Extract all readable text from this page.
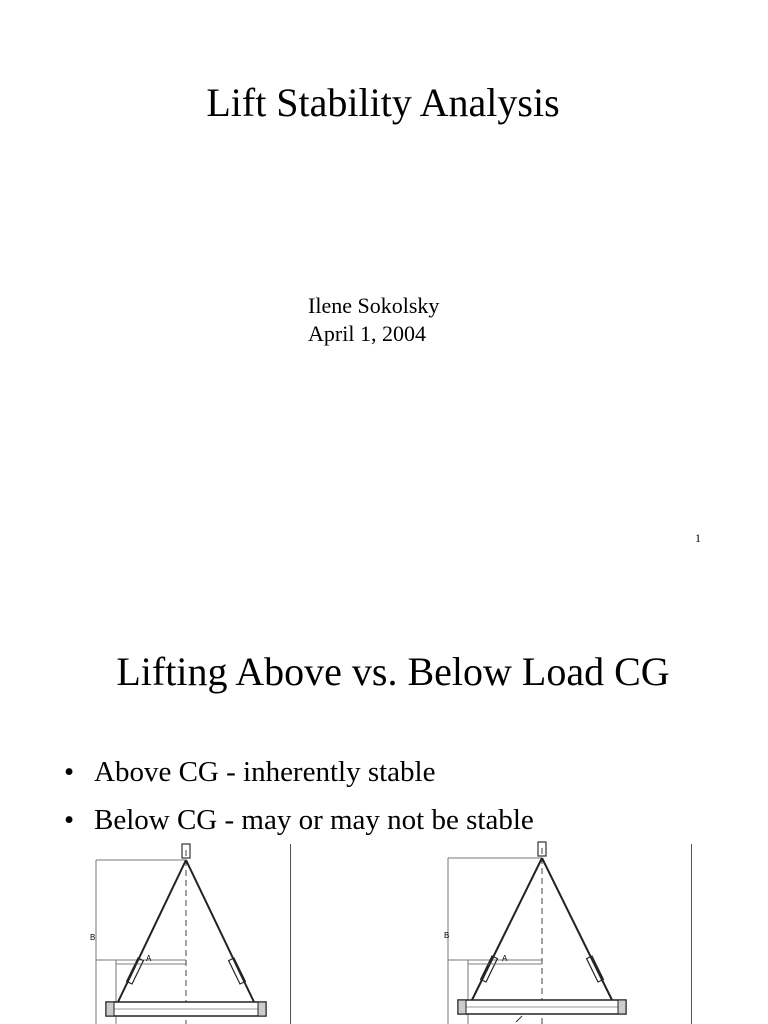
Lift Stability Analysis
Ilene Sokolsky
April 1, 2004
1
Lifting Above vs. Below Load CG
• Above CG - inherently stable
• Below CG - may or may not be stable
B
A
B
A
